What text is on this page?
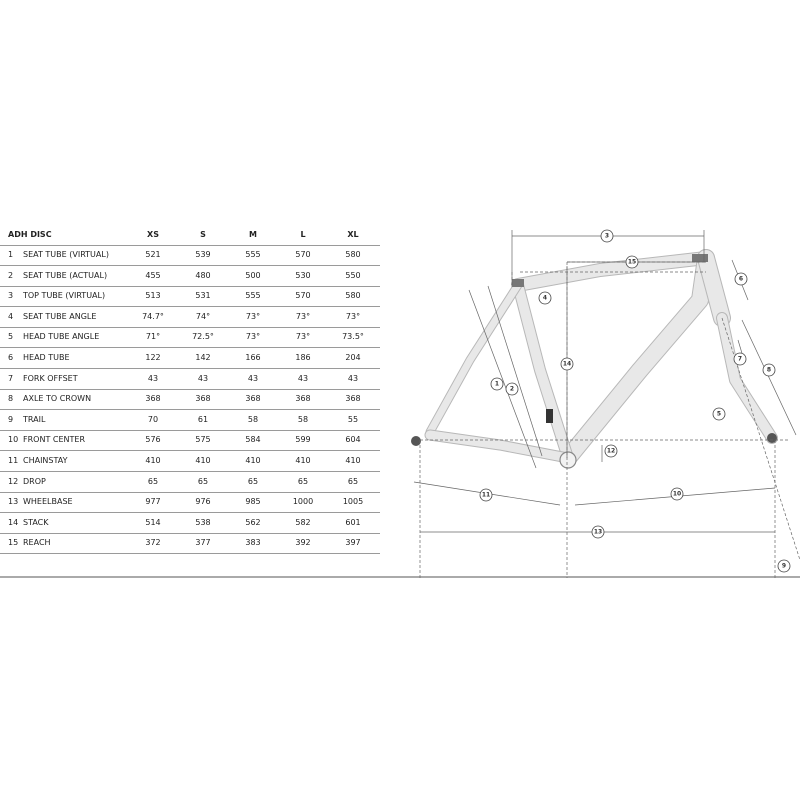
ADH DISC	XS	S	M	L	XL
1 SEAT TUBE (VIRTUAL)	521	539	555	570	580
2 SEAT TUBE (ACTUAL)	455	480	500	530	550
3 TOP TUBE (VIRTUAL)	513	531	555	570	580
4 SEAT TUBE ANGLE	74.7°	74°	73°	73°	73°
5 HEAD TUBE ANGLE	71°	72.5°	73°	73°	73.5°
6 HEAD TUBE	122	142	166	186	204
7 FORK OFFSET	43	43	43	43	43
8 AXLE TO CROWN	368	368	368	368	368
9 TRAIL	70	61	58	58	55
10 FRONT CENTER	576	575	584	599	604
11 CHAINSTAY	410	410	410	410	410
12 DROP	65	65	65	65	65
13 WHEELBASE	977	976	985	1000	1005
14 STACK	514	538	562	582	601
15 REACH	372	377	383	392	397
1
2
3
4
5
6
7
8
9
10
11
12
13
14
15
